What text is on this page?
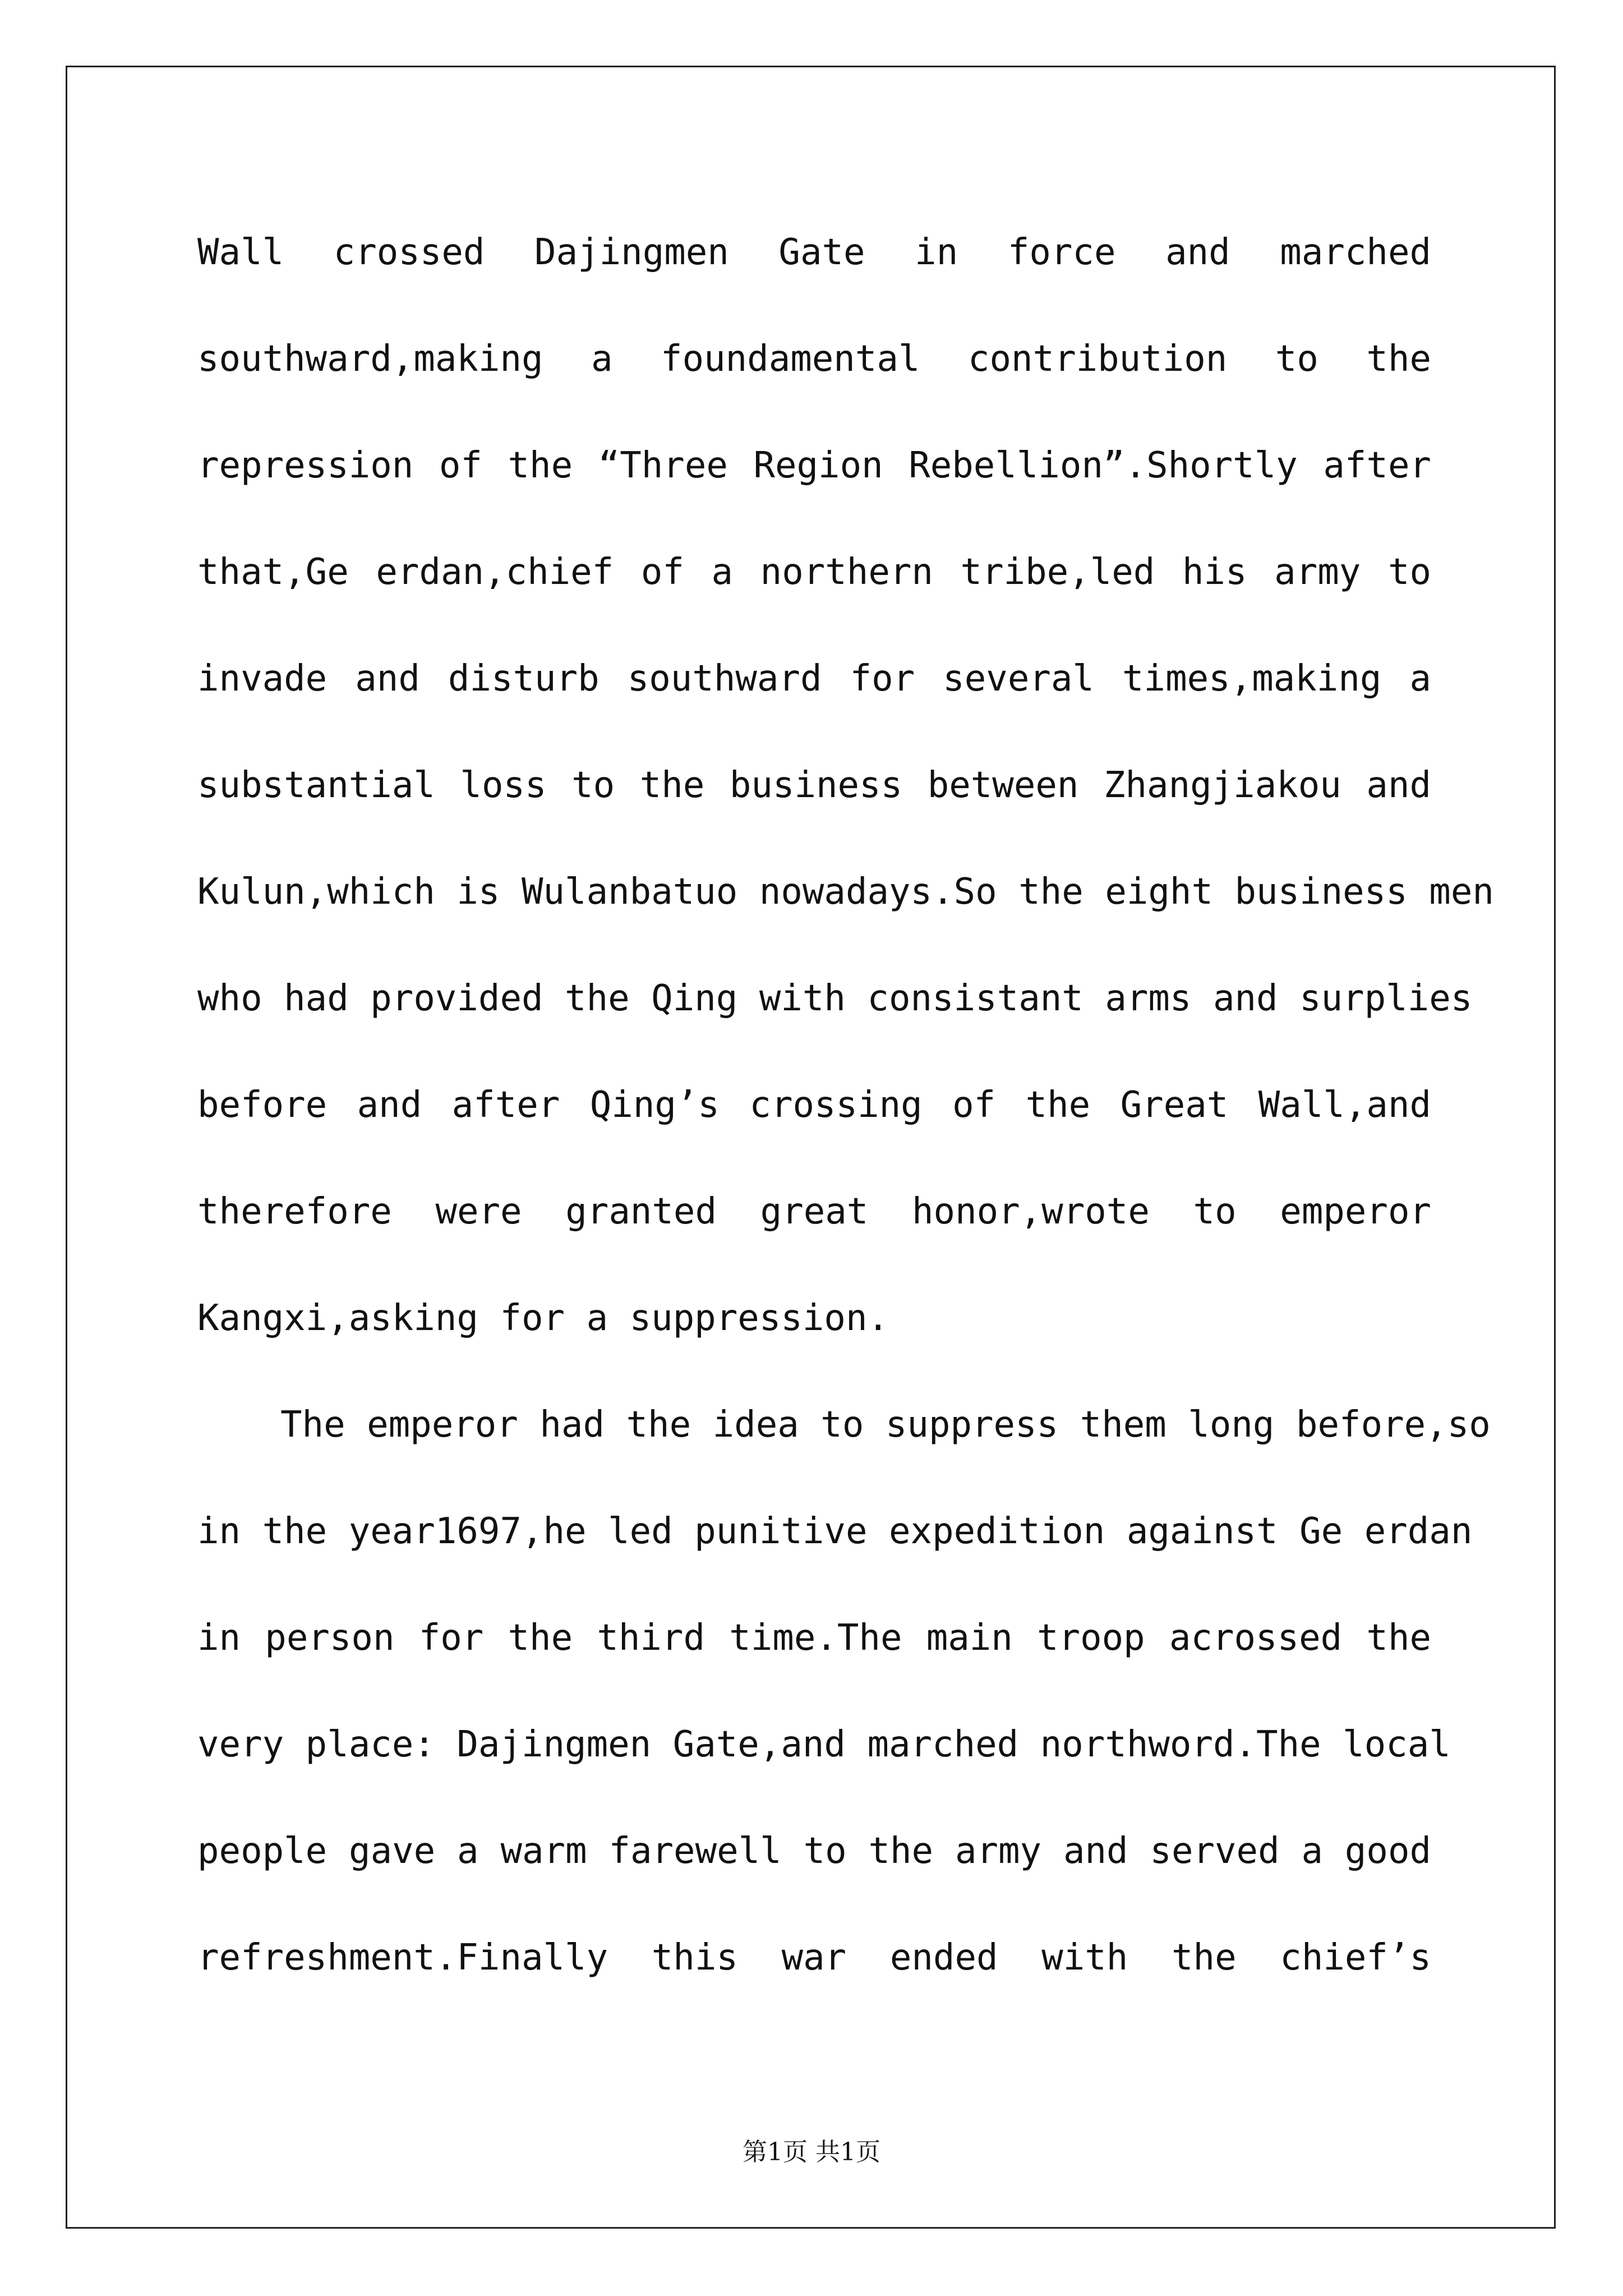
Wall crossed Dajingmen Gate in force and marched
southward,making a foundamental contribution to the
repression of the “Three Region Rebellion”.Shortly after
that,Ge erdan,chief of a northern tribe,led his army to
invade and disturb southward for several times,making a
substantial loss to the business between Zhangjiakou and
Kulun,which is Wulanbatuo nowadays.So the eight business men
who had provided the Qing with consistant arms and surplies
before and after Qing’s crossing of the Great Wall,and
therefore were granted great honor,wrote to emperor
Kangxi,asking for a suppression.
The emperor had the idea to suppress them long before,so
in the year1697,he led punitive expedition against Ge erdan
in person for the third time.The main troop acrossed the
very place: Dajingmen Gate,and marched northword.The local
people gave a warm farewell to the army and served a good
refreshment.Finally this war ended with the chief’s
第1页 共1页
